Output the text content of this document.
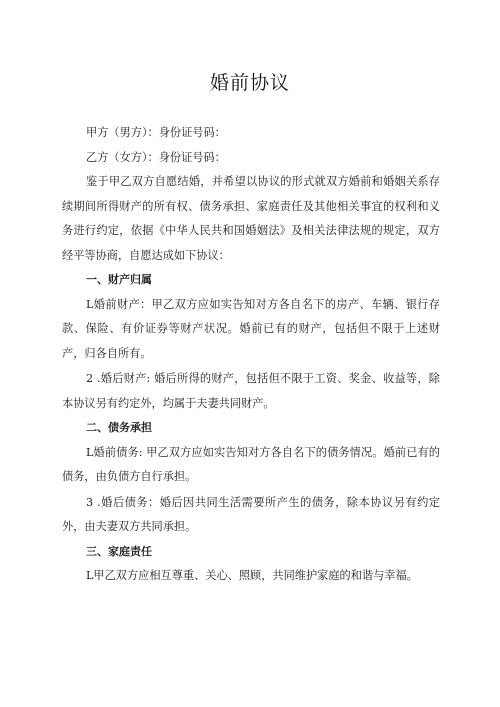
婚前协议

甲方（男方）：身份证号码：

乙方（女方）：身份证号码：

鉴于甲乙双方自愿结婚，并希望以协议的形式就双方婚前和婚姻关系存续期间所得财产的所有权、债务承担、家庭责任及其他相关事宜的权利和义务进行约定，依据《中华人民共和国婚姻法》及相关法律法规的规定，双方经平等协商，自愿达成如下协议：

一、财产归属

L婚前财产：甲乙双方应如实告知对方各自名下的房产、车辆、银行存款、保险、有价证券等财产状况。婚前已有的财产，包括但不限于上述财产，归各自所有。

2 .婚后财产: 婚后所得的财产，包括但不限于工资、奖金、收益等，除本协议另有约定外，均属于夫妻共同财产。

二、债务承担

L婚前债务: 甲乙双方应如实告知对方各自名下的债务情况。婚前已有的债务，由负债方自行承担。

3 .婚后债务：婚后因共同生活需要所产生的债务，除本协议另有约定外，由夫妻双方共同承担。

三、家庭责任

L甲乙双方应相互尊重、关心、照顾，共同维护家庭的和谐与幸福。
